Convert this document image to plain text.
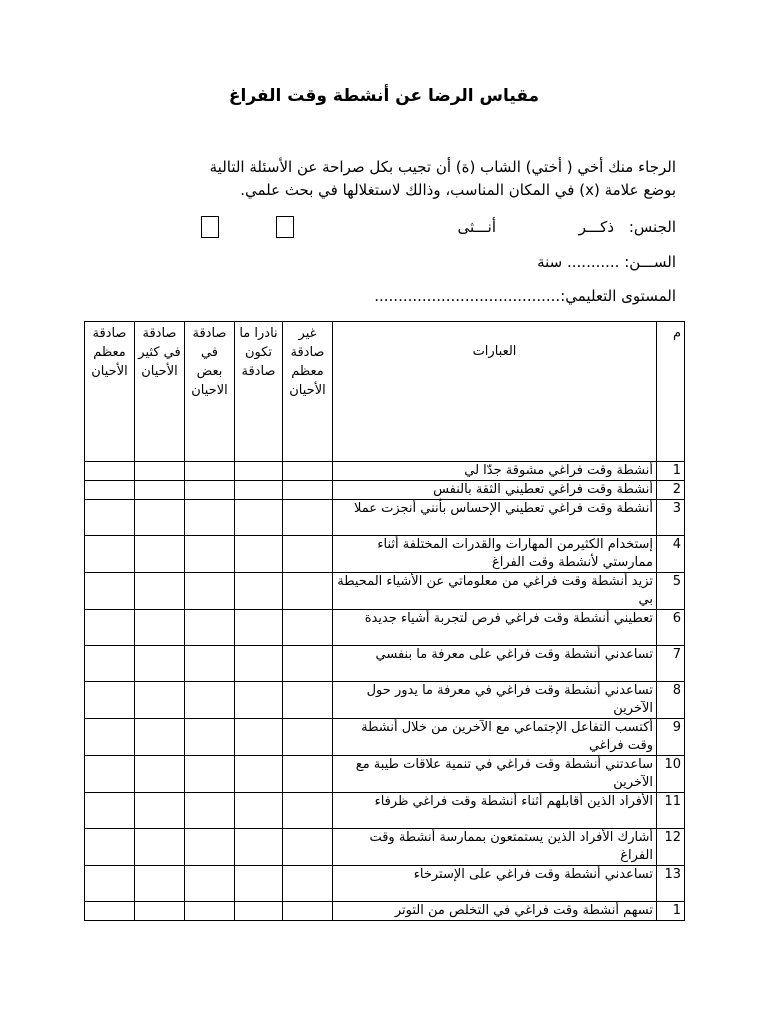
مقياس الرضا عن أنشطة وقت الفراغ
الرجاء منك أخي ( أختي) الشاب (ة) أن تجيب بكل صراحة عن الأسئلة التالية
بوضع علامة (x) في المكان المناسب، وذالك لاستغلالها في بحث علمي.
الجنس:
ذكـــر
أنـــثى
الســـن: ........... سنة
المستوى التعليمي:.......................................
م	العبارات	غير صادقة معظم الأحيان	نادرا ما تكون صادقة	صادقة في بعض الاحيان	صادقة في كثير الأحيان	صادقة معظم الأحيان
1	أنشطة وقت فراغي مشوقة جدّا لي					
2	أنشطة وقت فراغي تعطيني الثقة بالنفس					
3	أنشطة وقت فراغي تعطيني الإحساس بأنني أنجزت عملا					
4	إستخدام الكثيرمن المهارات والقدرات المختلفة أثناء ممارستي لأنشطة وقت الفراغ					
5	تزيد أنشطة وقت فراغي من معلوماتي عن الأشياء المحيطة بي					
6	تعطيني أنشطة وقت فراغي فرص لتجربة أشياء جديدة					
7	تساعدني أنشطة وقت فراغي على معرفة ما بنفسي					
8	تساعدني أنشطة وقت فراغي في معرفة ما يدور حول الآخرين					
9	أكتسب التفاعل الإجتماعي مع الآخرين من خلال أنشطة وقت فراغي					
10	ساعدتني أنشطة وقت فراغي في تنمية علاقات طيبة مع الآخرين					
11	الأفراد الذين أقابلهم أثناء أنشطة وقت فراغي ظرفاء					
12	أشارك الأفراد الذين يستمتعون بممارسة أنشطة وقت الفراغ					
13	تساعدني أنشطة وقت فراغي على الإسترخاء					
1	تسهم أنشطة وقت فراغي في التخلص من التوتر					
